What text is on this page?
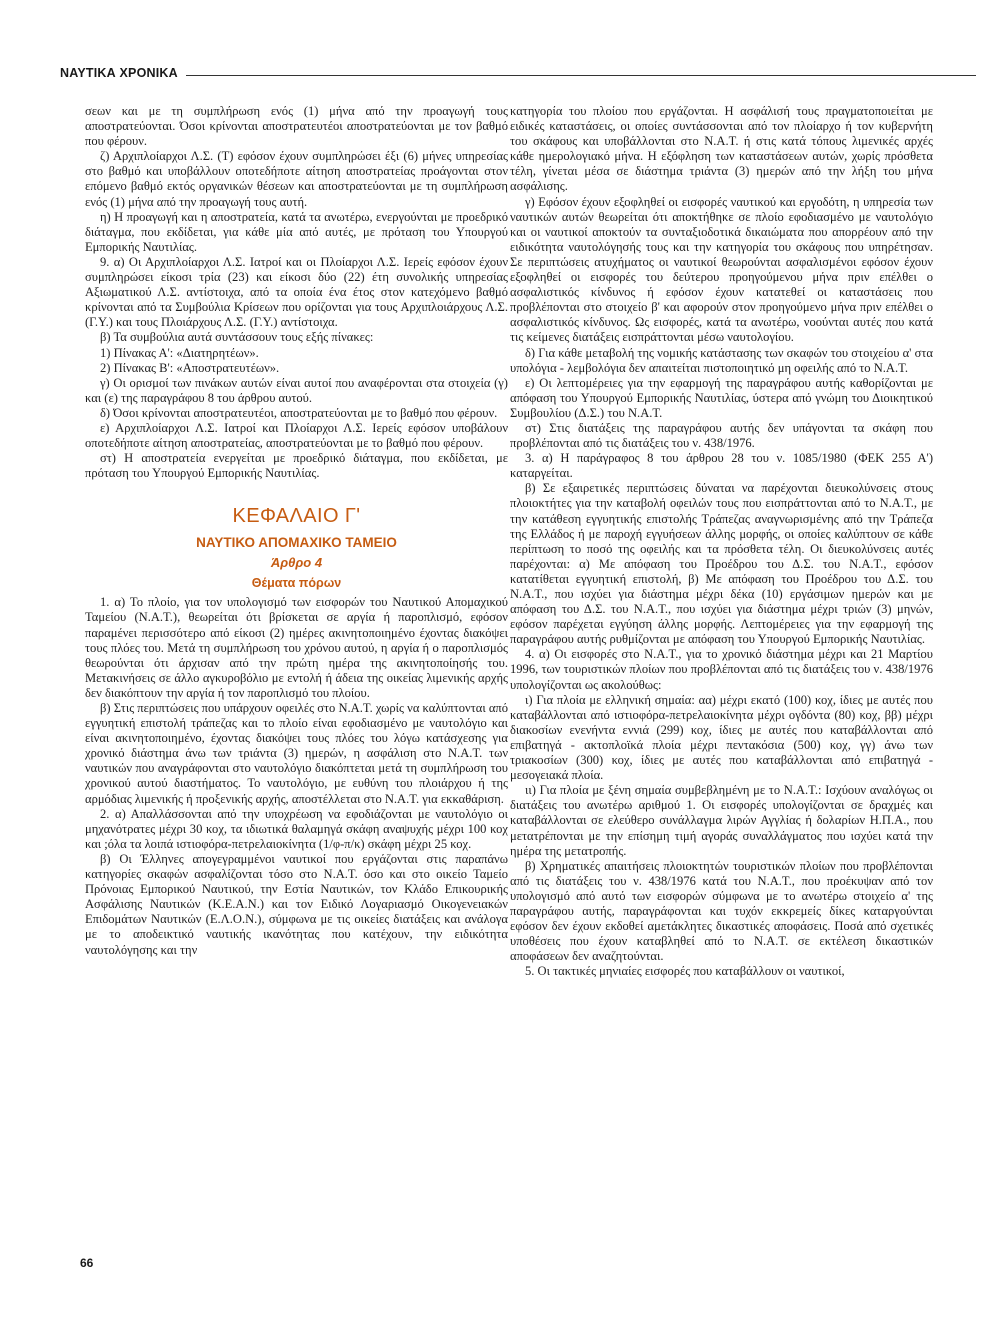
ΝΑΥΤΙΚΑ ΧΡΟΝΙΚΑ

σεων και με τη συμπλήρωση ενός (1) μήνα από την προαγωγή τους αποστρατεύονται. Όσοι κρίνονται αποστρατευτέοι αποστρατεύονται με τον βαθμό που φέρουν.

ζ) Αρχιπλοίαρχοι Λ.Σ. (Τ) εφόσον έχουν συμπληρώσει έξι (6) μήνες υπηρεσίας στο βαθμό και υποβάλλουν οποτεδήποτε αίτηση αποστρατείας προάγονται στον επόμενο βαθμό εκτός οργανικών θέσεων και αποστρατεύονται με τη συμπλήρωση ενός (1) μήνα από την προαγωγή τους αυτή.

η) Η προαγωγή και η αποστρατεία, κατά τα ανωτέρω, ενεργούνται με προεδρικό διάταγμα, που εκδίδεται, για κάθε μία από αυτές, με πρόταση του Υπουργού Εμπορικής Ναυτιλίας.

9. α) Οι Αρχιπλοίαρχοι Λ.Σ. Ιατροί και οι Πλοίαρχοι Λ.Σ. Ιερείς εφόσον έχουν συμπληρώσει είκοσι τρία (23) και είκοσι δύο (22) έτη συνολικής υπηρεσίας Αξιωματικού Λ.Σ. αντίστοιχα, από τα οποία ένα έτος στον κατεχόμενο βαθμό κρίνονται από τα Συμβούλια Κρίσεων που ορίζονται για τους Αρχιπλοιάρχους Λ.Σ. (Γ.Υ.) και τους Πλοιάρχους Λ.Σ. (Γ.Υ.) αντίστοιχα.

β) Τα συμβούλια αυτά συντάσσουν τους εξής πίνακες:

1) Πίνακας Α': «Διατηρητέων».

2) Πίνακας Β': «Αποστρατευτέων».

γ) Οι ορισμοί των πινάκων αυτών είναι αυτοί που αναφέρονται στα στοιχεία (γ) και (ε) της παραγράφου 8 του άρθρου αυτού.

δ) Όσοι κρίνονται αποστρατευτέοι, αποστρατεύονται με το βαθμό που φέρουν.

ε) Αρχιπλοίαρχοι Λ.Σ. Ιατροί και Πλοίαρχοι Λ.Σ. Ιερείς εφόσον υποβάλουν οποτεδήποτε αίτηση αποστρατείας, αποστρατεύονται με το βαθμό που φέρουν.

στ) Η αποστρατεία ενεργείται με προεδρικό διάταγμα, που εκδίδεται, με πρόταση του Υπουργού Εμπορικής Ναυτιλίας.

ΚΕΦΑΛΑΙΟ Γ'
ΝΑΥΤΙΚΟ ΑΠΟΜΑΧΙΚΟ ΤΑΜΕΙΟ
Άρθρο 4
Θέματα πόρων

1. α) Το πλοίο, για τον υπολογισμό των εισφορών του Ναυτικού Απομαχικού Ταμείου (Ν.Α.Τ.), θεωρείται ότι βρίσκεται σε αργία ή παροπλισμό, εφόσον παραμένει περισσότερο από είκοσι (2) ημέρες ακινητοποιημένο έχοντας διακόψει τους πλόες του. Μετά τη συμπλήρωση του χρόνου αυτού, η αργία ή ο παροπλισμός θεωρούνται ότι άρχισαν από την πρώτη ημέρα της ακινητοποίησής του. Μετακινήσεις σε άλλο αγκυροβόλιο με εντολή ή άδεια της οικείας λιμενικής αρχής δεν διακόπτουν την αργία ή τον παροπλισμό του πλοίου.

β) Στις περιπτώσεις που υπάρχουν οφειλές στο Ν.Α.Τ. χωρίς να καλύπτονται από εγγυητική επιστολή τράπεζας και το πλοίο είναι εφοδιασμένο με ναυτολόγιο και είναι ακινητοποιημένο, έχοντας διακόψει τους πλόες του λόγω κατάσχεσης για χρονικό διάστημα άνω των τριάντα (3) ημερών, η ασφάλιση στο Ν.Α.Τ. των ναυτικών που αναγράφονται στο ναυτολόγιο διακόπτεται μετά τη συμπλήρωση του χρονικού αυτού διαστήματος. Το ναυτολόγιο, με ευθύνη του πλοιάρχου ή της αρμόδιας λιμενικής ή προξενικής αρχής, αποστέλλεται στο Ν.Α.Τ. για εκκαθάριση.

2. α) Απαλλάσσονται από την υποχρέωση να εφοδιάζονται με ναυτολόγιο οι μηχανότρατες μέχρι 30 κοχ, τα ιδιωτικά θαλαμηγά σκάφη αναψυχής μέχρι 100 κοχ και ;όλα τα λοιπά ιστιοφόρα-πετρελαιοκίνητα (1/φ-π/κ) σκάφη μέχρι 25 κοχ.

β) Οι Έλληνες απογεγραμμένοι ναυτικοί που εργάζονται στις παραπάνω κατηγορίες σκαφών ασφαλίζονται τόσο στο Ν.Α.Τ. όσο και στο οικείο Ταμείο Πρόνοιας Εμπορικού Ναυτικού, την Εστία Ναυτικών, τον Κλάδο Επικουρικής Ασφάλισης Ναυτικών (Κ.Ε.Α.Ν.) και τον Ειδικό Λογαριασμό Οικογενειακών Επιδομάτων Ναυτικών (Ε.Λ.Ο.Ν.), σύμφωνα με τις οικείες διατάξεις και ανάλογα με το αποδεικτικό ναυτικής ικανότητας που κατέχουν, την ειδικότητα ναυτολόγησης και την

κατηγορία του πλοίου που εργάζονται. Η ασφάλισή τους πραγματοποιείται με ειδικές καταστάσεις, οι οποίες συντάσσονται από τον πλοίαρχο ή τον κυβερνήτη του σκάφους και υποβάλλονται στο Ν.Α.Τ. ή στις κατά τόπους λιμενικές αρχές κάθε ημερολογιακό μήνα. Η εξόφληση των καταστάσεων αυτών, χωρίς πρόσθετα τέλη, γίνεται μέσα σε διάστημα τριάντα (3) ημερών από την λήξη του μήνα ασφάλισης.

γ) Εφόσον έχουν εξοφληθεί οι εισφορές ναυτικού και εργοδότη, η υπηρεσία των ναυτικών αυτών θεωρείται ότι αποκτήθηκε σε πλοίο εφοδιασμένο με ναυτολόγιο και οι ναυτικοί αποκτούν τα συνταξιοδοτικά δικαιώματα που απορρέουν από την ειδικότητα ναυτολόγησής τους και την κατηγορία του σκάφους που υπηρέτησαν. Σε περιπτώσεις ατυχήματος οι ναυτικοί θεωρούνται ασφαλισμένοι εφόσον έχουν εξοφληθεί οι εισφορές του δεύτερου προηγούμενου μήνα πριν επέλθει ο ασφαλιστικός κίνδυνος ή εφόσον έχουν κατατεθεί οι καταστάσεις που προβλέπονται στο στοιχείο β' και αφορούν στον προηγούμενο μήνα πριν επέλθει ο ασφαλιστικός κίνδυνος. Ως εισφορές, κατά τα ανωτέρω, νοούνται αυτές που κατά τις κείμενες διατάξεις εισπράττονται μέσω ναυτολογίου.

δ) Για κάθε μεταβολή της νομικής κατάστασης των σκαφών του στοιχείου α' στα υπολόγια - λεμβολόγια δεν απαιτείται πιστοποιητικό μη οφειλής από το Ν.Α.Τ.

ε) Οι λεπτομέρειες για την εφαρμογή της παραγράφου αυτής καθορίζονται με απόφαση του Υπουργού Εμπορικής Ναυτιλίας, ύστερα από γνώμη του Διοικητικού Συμβουλίου (Δ.Σ.) του Ν.Α.Τ.

στ) Στις διατάξεις της παραγράφου αυτής δεν υπάγονται τα σκάφη που προβλέπονται από τις διατάξεις του ν. 438/1976.

3. α) Η παράγραφος 8 του άρθρου 28 του ν. 1085/1980 (ΦΕΚ 255 Α') καταργείται.

β) Σε εξαιρετικές περιπτώσεις δύναται να παρέχονται διευκολύνσεις στους πλοιοκτήτες για την καταβολή οφειλών τους που εισπράττονται από το Ν.Α.Τ., με την κατάθεση εγγυητικής επιστολής Τράπεζας αναγνωρισμένης από την Τράπεζα της Ελλάδος ή με παροχή εγγυήσεων άλλης μορφής, οι οποίες καλύπτουν σε κάθε περίπτωση το ποσό της οφειλής και τα πρόσθετα τέλη. Οι διευκολύνσεις αυτές παρέχονται: α) Με απόφαση του Προέδρου του Δ.Σ. του Ν.Α.Τ., εφόσον κατατίθεται εγγυητική επιστολή, β) Με απόφαση του Προέδρου του Δ.Σ. του Ν.Α.Τ., που ισχύει για διάστημα μέχρι δέκα (10) εργάσιμων ημερών και με απόφαση του Δ.Σ. του Ν.Α.Τ., που ισχύει για διάστημα μέχρι τριών (3) μηνών, εφόσον παρέχεται εγγύηση άλλης μορφής. Λεπτομέρειες για την εφαρμογή της παραγράφου αυτής ρυθμίζονται με απόφαση του Υπουργού Εμπορικής Ναυτιλίας.

4. α) Οι εισφορές στο Ν.Α.Τ., για το χρονικό διάστημα μέχρι και 21 Μαρτίου 1996, των τουριστικών πλοίων που προβλέπονται από τις διατάξεις του ν. 438/1976 υπολογίζονται ως ακολούθως:

ι) Για πλοία με ελληνική σημαία: αα) μέχρι εκατό (100) κοχ, ίδιες με αυτές που καταβάλλονται από ιστιοφόρα-πετρελαιοκίνητα μέχρι ογδόντα (80) κοχ, ββ) μέχρι διακοσίων ενενήντα εννιά (299) κοχ, ίδιες με αυτές που καταβάλλονται από επιβατηγά - ακτοπλοϊκά πλοία μέχρι πεντακόσια (500) κοχ, γγ) άνω των τριακοσίων (300) κοχ, ίδιες με αυτές που καταβάλλονται από επιβατηγά - μεσογειακά πλοία.

ιι) Για πλοία με ξένη σημαία συμβεβλημένη με το Ν.Α.Τ.: Ισχύουν αναλόγως οι διατάξεις του ανωτέρω αριθμού 1. Οι εισφορές υπολογίζονται σε δραχμές και καταβάλλονται σε ελεύθερο συνάλλαγμα λιρών Αγγλίας ή δολαρίων Η.Π.Α., που μετατρέπονται με την επίσημη τιμή αγοράς συναλλάγματος που ισχύει κατά την ημέρα της μετατροπής.

β) Χρηματικές απαιτήσεις πλοιοκτητών τουριστικών πλοίων που προβλέπονται από τις διατάξεις του ν. 438/1976 κατά του Ν.Α.Τ., που προέκυψαν από τον υπολογισμό από αυτό των εισφορών σύμφωνα με το ανωτέρω στοιχείο α' της παραγράφου αυτής, παραγράφονται και τυχόν εκκρεμείς δίκες καταργούνται εφόσον δεν έχουν εκδοθεί αμετάκλητες δικαστικές αποφάσεις. Ποσά από σχετικές υποθέσεις που έχουν καταβληθεί από το Ν.Α.Τ. σε εκτέλεση δικαστικών αποφάσεων δεν αναζητούνται.

5. Οι τακτικές μηνιαίες εισφορές που καταβάλλουν οι ναυτικοί,

66
